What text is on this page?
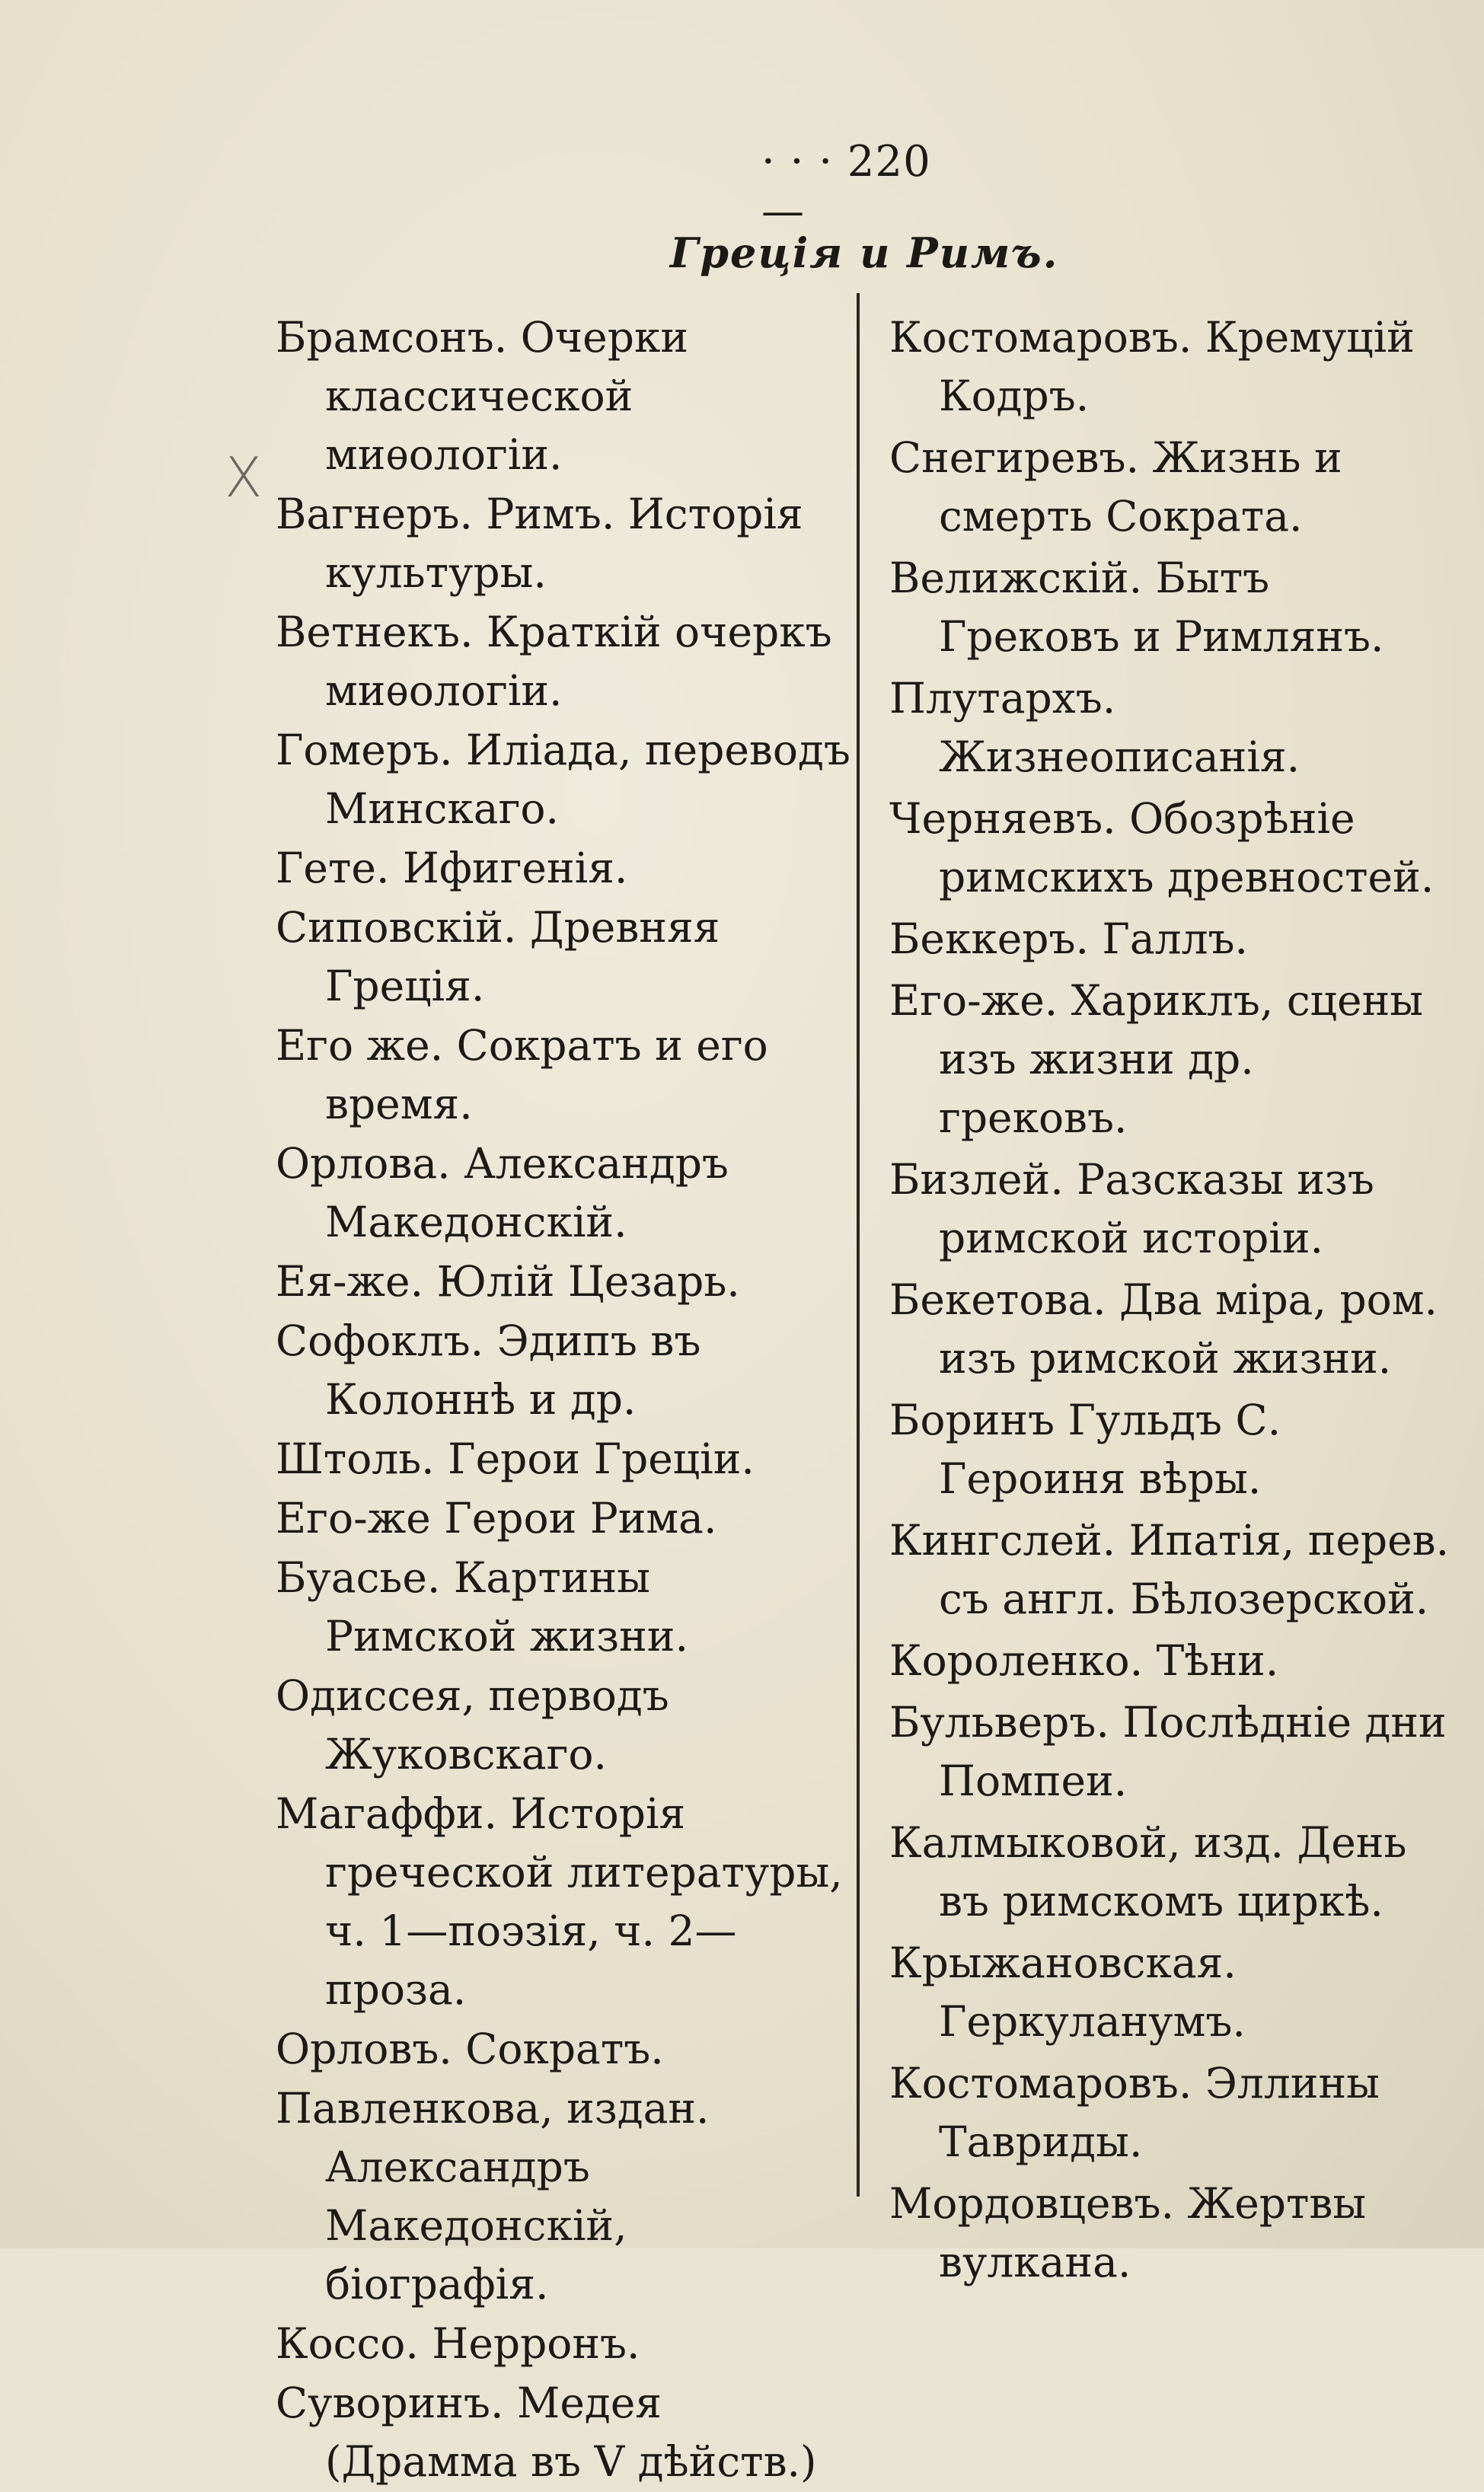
· · · 220 —
Греція и Римъ.
X
Брамсонъ. Очерки классической миѳологіи.
Вагнеръ. Римъ. Исторія культуры.
Ветнекъ. Краткій очеркъ миѳологіи.
Гомеръ. Иліада, переводъ Минскаго.
Гете. Ифигенія.
Сиповскій. Древняя Греція.
Его же. Сократъ и его время.
Орлова. Александръ Македонскій.
Ея-же. Юлій Цезарь.
Софоклъ. Эдипъ въ Колоннѣ и др.
Штоль. Герои Греціи.
Его-же Герои Рима.
Буасье. Картины Римской жизни.
Одиссея, перводъ Жуковскаго.
Магаффи. Исторія греческой литературы, ч. 1—поэзія, ч. 2—проза.
Орловъ. Сократъ.
Павленкова, издан. Александръ Македонскій, біографія.
Коссо. Нерронъ.
Суворинъ. Медея (Драмма въ V дѣйств.)
Костомаровъ. Кремуцій Кодръ.
Снегиревъ. Жизнь и смерть Сократа.
Велижскій. Бытъ Грековъ и Римлянъ.
Плутархъ. Жизнеописанія.
Черняевъ. Обозрѣніе римскихъ древностей.
Беккеръ. Галлъ.
Его-же. Хариклъ, сцены изъ жизни др. грековъ.
Бизлей. Разсказы изъ римской исторіи.
Бекетова. Два міра, ром. изъ римской жизни.
Боринъ Гульдъ С. Героиня вѣры.
Кингслей. Ипатія, перев. съ англ. Бѣлозерской.
Короленко. Тѣни.
Бульверъ. Послѣдніе дни Помпеи.
Калмыковой, изд. День въ римскомъ циркѣ.
Крыжановская. Геркуланумъ.
Костомаровъ. Эллины Тавриды.
Мордовцевъ. Жертвы вулкана.
